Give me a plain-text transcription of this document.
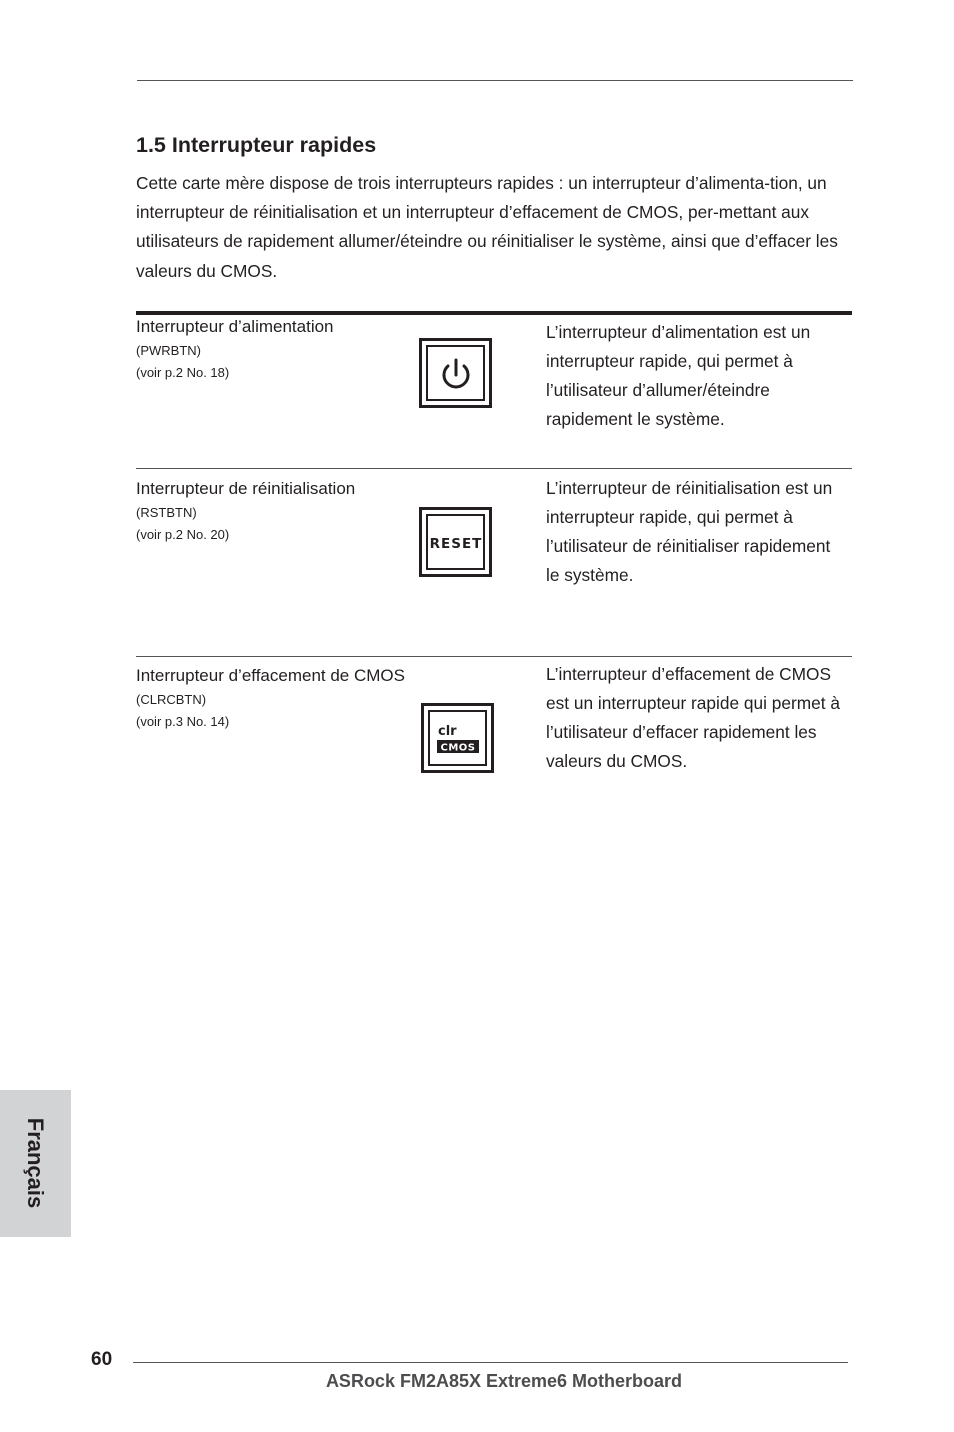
1.5 Interrupteur rapides

Cette carte mère dispose de trois interrupteurs rapides : un interrupteur d’alimenta-tion, un interrupteur de réinitialisation et un interrupteur d’effacement de CMOS, per-mettant aux utilisateurs de rapidement allumer/éteindre ou réinitialiser le système, ainsi que d’effacer les valeurs du CMOS.

Interrupteur d’alimentation
(PWRBTN)
(voir p.2 No. 18)

L’interrupteur d’alimentation est un interrupteur rapide, qui permet à l’utilisateur d’allumer/éteindre rapidement le système.

Interrupteur de réinitialisation
(RSTBTN)
(voir p.2 No. 20)
RESET

L’interrupteur de réinitialisation est un interrupteur rapide, qui permet à l’utilisateur de réinitialiser rapidement le système.

Interrupteur d’effacement de CMOS
(CLRCBTN)
(voir p.3 No. 14)
clr
CMOS

L’interrupteur d’effacement de CMOS est un interrupteur rapide qui permet à l’utilisateur d’effacer rapidement les valeurs du CMOS.

Français
60
ASRock FM2A85X Extreme6 Motherboard
